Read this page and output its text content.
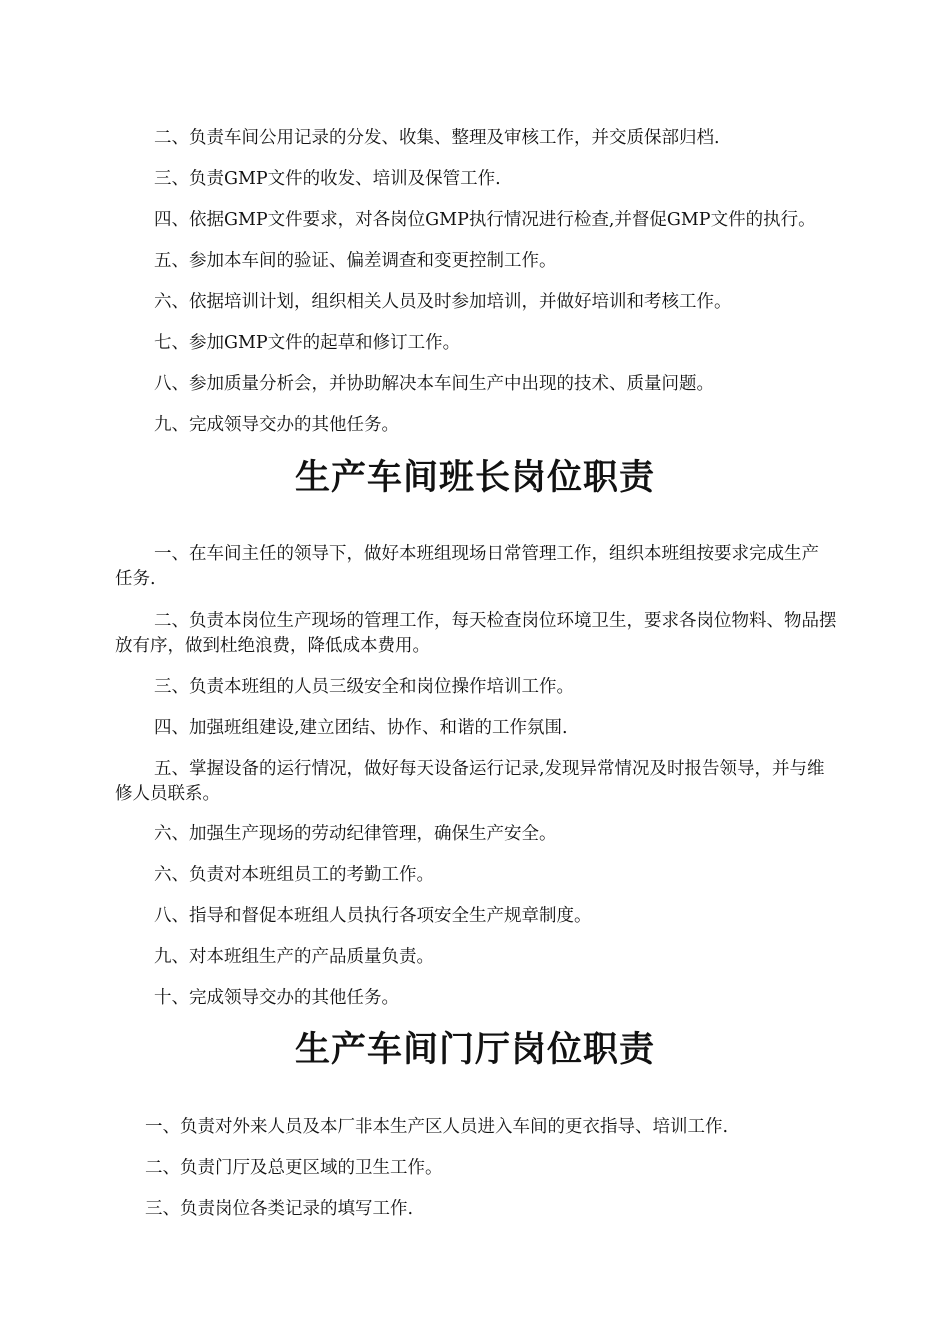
二、负责车间公用记录的分发、收集、整理及审核工作，并交质保部归档.

三、负责GMP文件的收发、培训及保管工作.

四、依据GMP文件要求，对各岗位GMP执行情况进行检查,并督促GMP文件的执行。

五、参加本车间的验证、偏差调查和变更控制工作。

六、依据培训计划，组织相关人员及时参加培训，并做好培训和考核工作。

七、参加GMP文件的起草和修订工作。

八、参加质量分析会，并协助解决本车间生产中出现的技术、质量问题。

九、完成领导交办的其他任务。

生产车间班长岗位职责

一、在车间主任的领导下，做好本班组现场日常管理工作，组织本班组按要求完成生产任务.

二、负责本岗位生产现场的管理工作，每天检查岗位环境卫生，要求各岗位物料、物品摆放有序，做到杜绝浪费，降低成本费用。

三、负责本班组的人员三级安全和岗位操作培训工作。

四、加强班组建设,建立团结、协作、和谐的工作氛围.

五、掌握设备的运行情况，做好每天设备运行记录,发现异常情况及时报告领导，并与维修人员联系。

六、加强生产现场的劳动纪律管理，确保生产安全。

六、负责对本班组员工的考勤工作。

八、指导和督促本班组人员执行各项安全生产规章制度。

九、对本班组生产的产品质量负责。

十、完成领导交办的其他任务。

生产车间门厅岗位职责

一、负责对外来人员及本厂非本生产区人员进入车间的更衣指导、培训工作.

二、负责门厅及总更区域的卫生工作。

三、负责岗位各类记录的填写工作.
